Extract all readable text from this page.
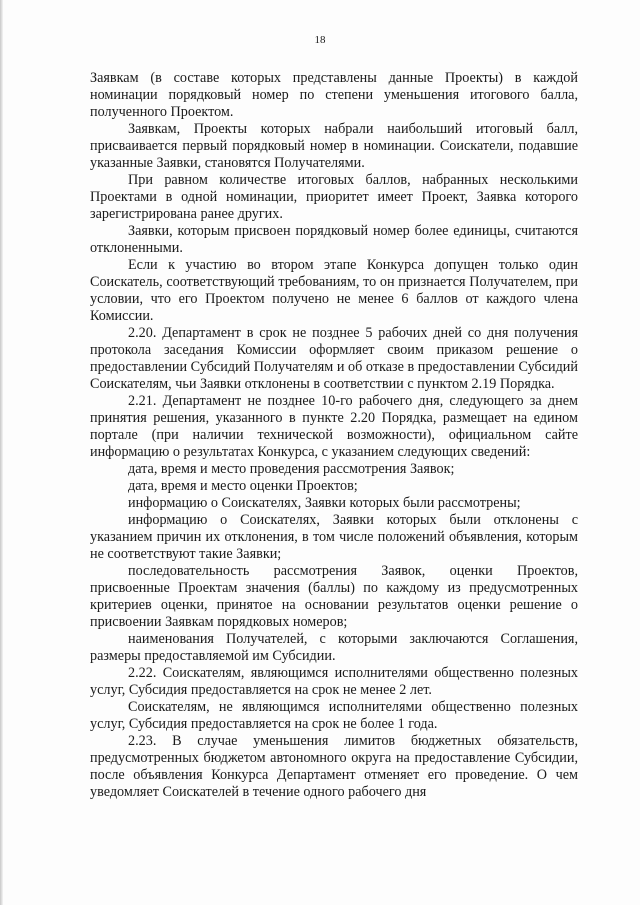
18

Заявкам (в составе которых представлены данные Проекты) в каждой номинации порядковый номер по степени уменьшения итогового балла, полученного Проектом.

Заявкам, Проекты которых набрали наибольший итоговый балл, присваивается первый порядковый номер в номинации. Соискатели, подавшие указанные Заявки, становятся Получателями.

При равном количестве итоговых баллов, набранных несколькими Проектами в одной номинации, приоритет имеет Проект, Заявка которого зарегистрирована ранее других.

Заявки, которым присвоен порядковый номер более единицы, считаются отклоненными.

Если к участию во втором этапе Конкурса допущен только один Соискатель, соответствующий требованиям, то он признается Получателем, при условии, что его Проектом получено не менее 6 баллов от каждого члена Комиссии.

2.20. Департамент в срок не позднее 5 рабочих дней со дня получения протокола заседания Комиссии оформляет своим приказом решение о предоставлении Субсидий Получателям и об отказе в предоставлении Субсидий Соискателям, чьи Заявки отклонены в соответствии с пунктом 2.19 Порядка.

2.21. Департамент не позднее 10-го рабочего дня, следующего за днем принятия решения, указанного в пункте 2.20 Порядка, размещает на едином портале (при наличии технической возможности), официальном сайте информацию о результатах Конкурса, с указанием следующих сведений:

дата, время и место проведения рассмотрения Заявок;

дата, время и место оценки Проектов;

информацию о Соискателях, Заявки которых были рассмотрены;

информацию о Соискателях, Заявки которых были отклонены с указанием причин их отклонения, в том числе положений объявления, которым не соответствуют такие Заявки;

последовательность рассмотрения Заявок, оценки Проектов, присвоенные Проектам значения (баллы) по каждому из предусмотренных критериев оценки, принятое на основании результатов оценки решение о присвоении Заявкам порядковых номеров;

наименования Получателей, с которыми заключаются Соглашения, размеры предоставляемой им Субсидии.

2.22. Соискателям, являющимся исполнителями общественно полезных услуг, Субсидия предоставляется на срок не менее 2 лет.

Соискателям, не являющимся исполнителями общественно полезных услуг, Субсидия предоставляется на срок не более 1 года.

2.23. В случае уменьшения лимитов бюджетных обязательств, предусмотренных бюджетом автономного округа на предоставление Субсидии, после объявления Конкурса Департамент отменяет его проведение. О чем уведомляет Соискателей в течение одного рабочего дня
